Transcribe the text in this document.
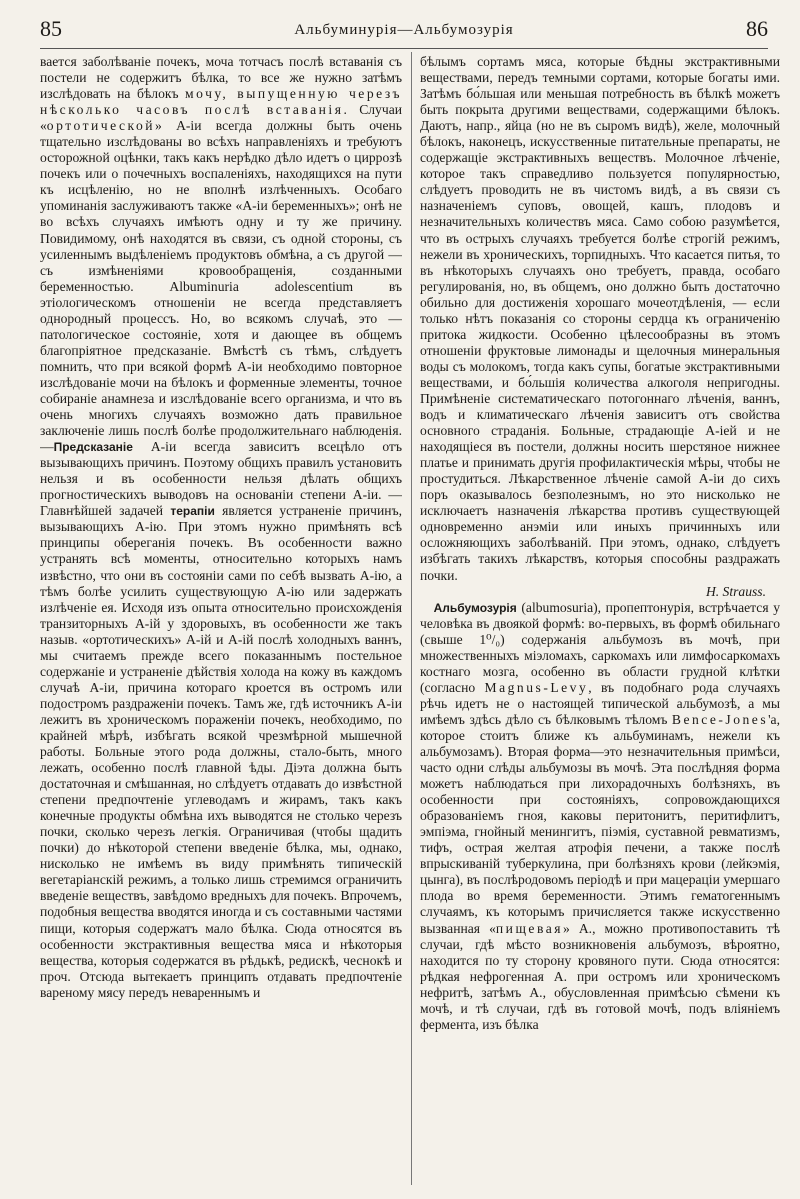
85	Альбуминурія—Альбумозурія	86

вается заболѣваніе почекъ, моча тотчасъ послѣ вставанія съ постели не содержитъ бѣлка, то все же нужно затѣмъ изслѣдовать на бѣлокъ мочу, выпущенную черезъ нѣсколько часовъ послѣ вставанія. Случаи «ортотической» А-іи всегда должны быть очень тщательно изслѣдованы во всѣхъ направленіяхъ и требуютъ осторожной оцѣнки, такъ какъ нерѣдко дѣло идетъ о циррозѣ почекъ или о почечныхъ воспаленіяхъ, находящихся на пути къ исцѣленію, но не вполнѣ излѣченныхъ. Особаго упоминанія заслуживаютъ также «А-іи беременныхъ»; онѣ не во всѣхъ случаяхъ имѣютъ одну и ту же причину. Повидимому, онѣ находятся въ связи, съ одной стороны, съ усиленнымъ выдѣленіемъ продуктовъ обмѣна, а съ другой — съ измѣненіями кровообращенія, созданными беременностью. Albuminuria adolescentium въ этіологическомъ отношеніи не всегда представляетъ однородный процессъ. Но, во всякомъ случаѣ, это — патологическое состояніе, хотя и дающее въ общемъ благопріятное предсказаніе. Вмѣстѣ съ тѣмъ, слѣдуетъ помнить, что при всякой формѣ А-іи необходимо повторное изслѣдованіе мочи на бѣлокъ и форменные элементы, точное собираніе анамнеза и изслѣдованіе всего организма, и что въ очень многихъ случаяхъ возможно дать правильное заключеніе лишь послѣ болѣе продолжительнаго наблюденія.—Предсказаніе А-іи всегда зависитъ всецѣло отъ вызывающихъ причинъ. Поэтому общихъ правилъ установить нельзя и въ особенности нельзя дѣлать общихъ прогностическихъ выводовъ на основаніи степени А-іи. — Главнѣйшей задачей терапіи является устраненіе причинъ, вызывающихъ А-ію. При этомъ нужно примѣнять всѣ принципы обереганія почекъ. Въ особенности важно устранять всѣ моменты, относительно которыхъ намъ извѣстно, что они въ состояніи сами по себѣ вызвать А-ію, а тѣмъ болѣе усилить существующую А-ію или задержать излѣченіе ея. Исходя изъ опыта относительно происхожденія транзиторныхъ А-ій у здоровыхъ, въ особенности же такъ назыв. «ортотическихъ» А-ій и А-ій послѣ холодныхъ ваннъ, мы считаемъ прежде всего показаннымъ постельное содержаніе и устраненіе дѣйствія холода на кожу въ каждомъ случаѣ А-іи, причина котораго кроется въ остромъ или подостромъ раздраженіи почекъ. Тамъ же, гдѣ источникъ А-іи лежитъ въ хроническомъ пораженіи почекъ, необходимо, по крайней мѣрѣ, избѣгать всякой чрезмѣрной мышечной работы. Больные этого рода должны, стало-быть, много лежать, особенно послѣ главной ѣды. Діэта должна быть достаточная и смѣшанная, но слѣдуетъ отдавать до извѣстной степени предпочтеніе углеводамъ и жирамъ, такъ какъ конечные продукты обмѣна ихъ выводятся не столько черезъ почки, сколько черезъ легкія. Ограничивая (чтобы щадить почки) до нѣкоторой степени введеніе бѣлка, мы, однако, нисколько не имѣемъ въ виду примѣнять типическій вегетаріанскій режимъ, а только лишь стремимся ограничить введеніе веществъ, завѣдомо вредныхъ для почекъ. Впрочемъ, подобныя вещества вводятся иногда и съ составными частями пищи, которыя содержатъ мало бѣлка. Сюда относятся въ особенности экстрактивныя вещества мяса и нѣкоторыя вещества, которыя содержатся въ рѣдькѣ, редискѣ, чеснокѣ и проч. Отсюда вытекаетъ принципъ отдавать предпочтеніе вареному мясу передъ невареннымъ и

бѣлымъ сортамъ мяса, которые бѣдны экстрактивными веществами, передъ темными сортами, которые богаты ими. Затѣмъ бо́льшая или меньшая потребность въ бѣлкѣ можетъ быть покрыта другими веществами, содержащими бѣлокъ. Даютъ, напр., яйца (но не въ сыромъ видѣ), желе, молочный бѣлокъ, наконецъ, искусственные питательные препараты, не содержащіе экстрактивныхъ веществъ. Молочное лѣченіе, которое такъ справедливо пользуется популярностью, слѣдуетъ проводить не въ чистомъ видѣ, а въ связи съ назначеніемъ суповъ, овощей, кашъ, плодовъ и незначительныхъ количествъ мяса. Само собою разумѣется, что въ острыхъ случаяхъ требуется болѣе строгій режимъ, нежели въ хроническихъ, торпидныхъ. Что касается питья, то въ нѣкоторыхъ случаяхъ оно требуетъ, правда, особаго регулированія, но, въ общемъ, оно должно быть достаточно обильно для достиженія хорошаго мочеотдѣленія, — если только нѣтъ показанія со стороны сердца къ ограниченію притока жидкости. Особенно цѣлесообразны въ этомъ отношеніи фруктовые лимонады и щелочныя минеральныя воды съ молокомъ, тогда какъ супы, богатые экстрактивными веществами, и бо́льшія количества алкоголя непригодны. Примѣненіе систематическаго потогоннаго лѣченія, ваннъ, водъ и климатическаго лѣченія зависитъ отъ свойства основного страданія. Больные, страдающіе А-іей и не находящіеся въ постели, должны носить шерстяное нижнее платье и принимать другія профилактическія мѣры, чтобы не простудиться. Лѣкарственное лѣченіе самой А-іи до сихъ поръ оказывалось безполезнымъ, но это нисколько не исключаетъ назначенія лѣкарства противъ существующей одновременно анэміи или иныхъ причинныхъ или осложняющихъ заболѣваній. При этомъ, однако, слѣдуетъ избѣгать такихъ лѣкарствъ, которыя способны раздражать почки.

H. Strauss.

 Альбумозурія (albumosuria), пропептонурія, встрѣчается у человѣка въ двоякой формѣ: во-первыхъ, въ формѣ обильнаго (свыше 1⁰/₀) содержанія альбумозъ въ мочѣ, при множественныхъ міэломахъ, саркомахъ или лимфосаркомахъ костнаго мозга, особенно въ области грудной клѣтки (согласно Magnus-Levy, въ подобнаго рода случаяхъ рѣчь идетъ не о настоящей типической альбумозѣ, а мы имѣемъ здѣсь дѣло съ бѣлковымъ тѣломъ Bence-Jones'а, которое стоитъ ближе къ альбуминамъ, нежели къ альбумозамъ). Вторая форма—это незначительныя примѣси, часто одни слѣды альбумозы въ мочѣ. Эта послѣдняя форма можетъ наблюдаться при лихорадочныхъ болѣзняхъ, въ особенности при состояніяхъ, сопровождающихся образованіемъ гноя, каковы перитонитъ, перитифлитъ, эмпіэма, гнойный менингитъ, піэмія, суставной ревматизмъ, тифъ, острая желтая атрофія печени, а также послѣ впрыскиваній туберкулина, при болѣзняхъ крови (лейкэмія, цынга), въ послѣродовомъ періодѣ и при мацераціи умершаго плода во время беременности. Этимъ гематогеннымъ случаямъ, къ которымъ причисляется также искусственно вызванная «пищевая» А., можно противопоставить тѣ случаи, гдѣ мѣсто возникновенія альбумозъ, вѣроятно, находится по ту сторону кровяного пути. Сюда относятся: рѣдкая нефрогенная А. при остромъ или хроническомъ нефритѣ, затѣмъ А., обусловленная примѣсью сѣмени къ мочѣ, и тѣ случаи, гдѣ въ готовой мочѣ, подъ вліяніемъ фермента, изъ бѣлка
